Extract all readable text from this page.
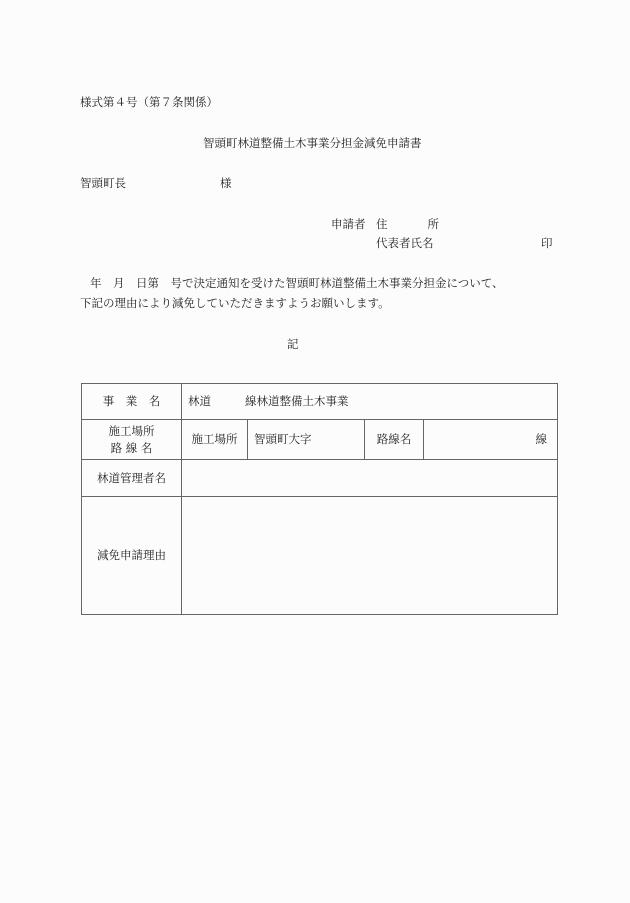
様式第４号（第７条関係）
智頭町林道整備土木事業分担金減免申請書
智頭町長	様
申請者 住	所
代表者氏名	印
年　月　日第　号で決定通知を受けた智頭町林道整備土木事業分担金について、
下記の理由により減免していただきますようお願いします。
記
事　業　名	林道 線林道整備土木事業			

施工場所
路 線 名	施工場所	智頭町大字	路線名	線
林道管理者名				
減免申請理由				
